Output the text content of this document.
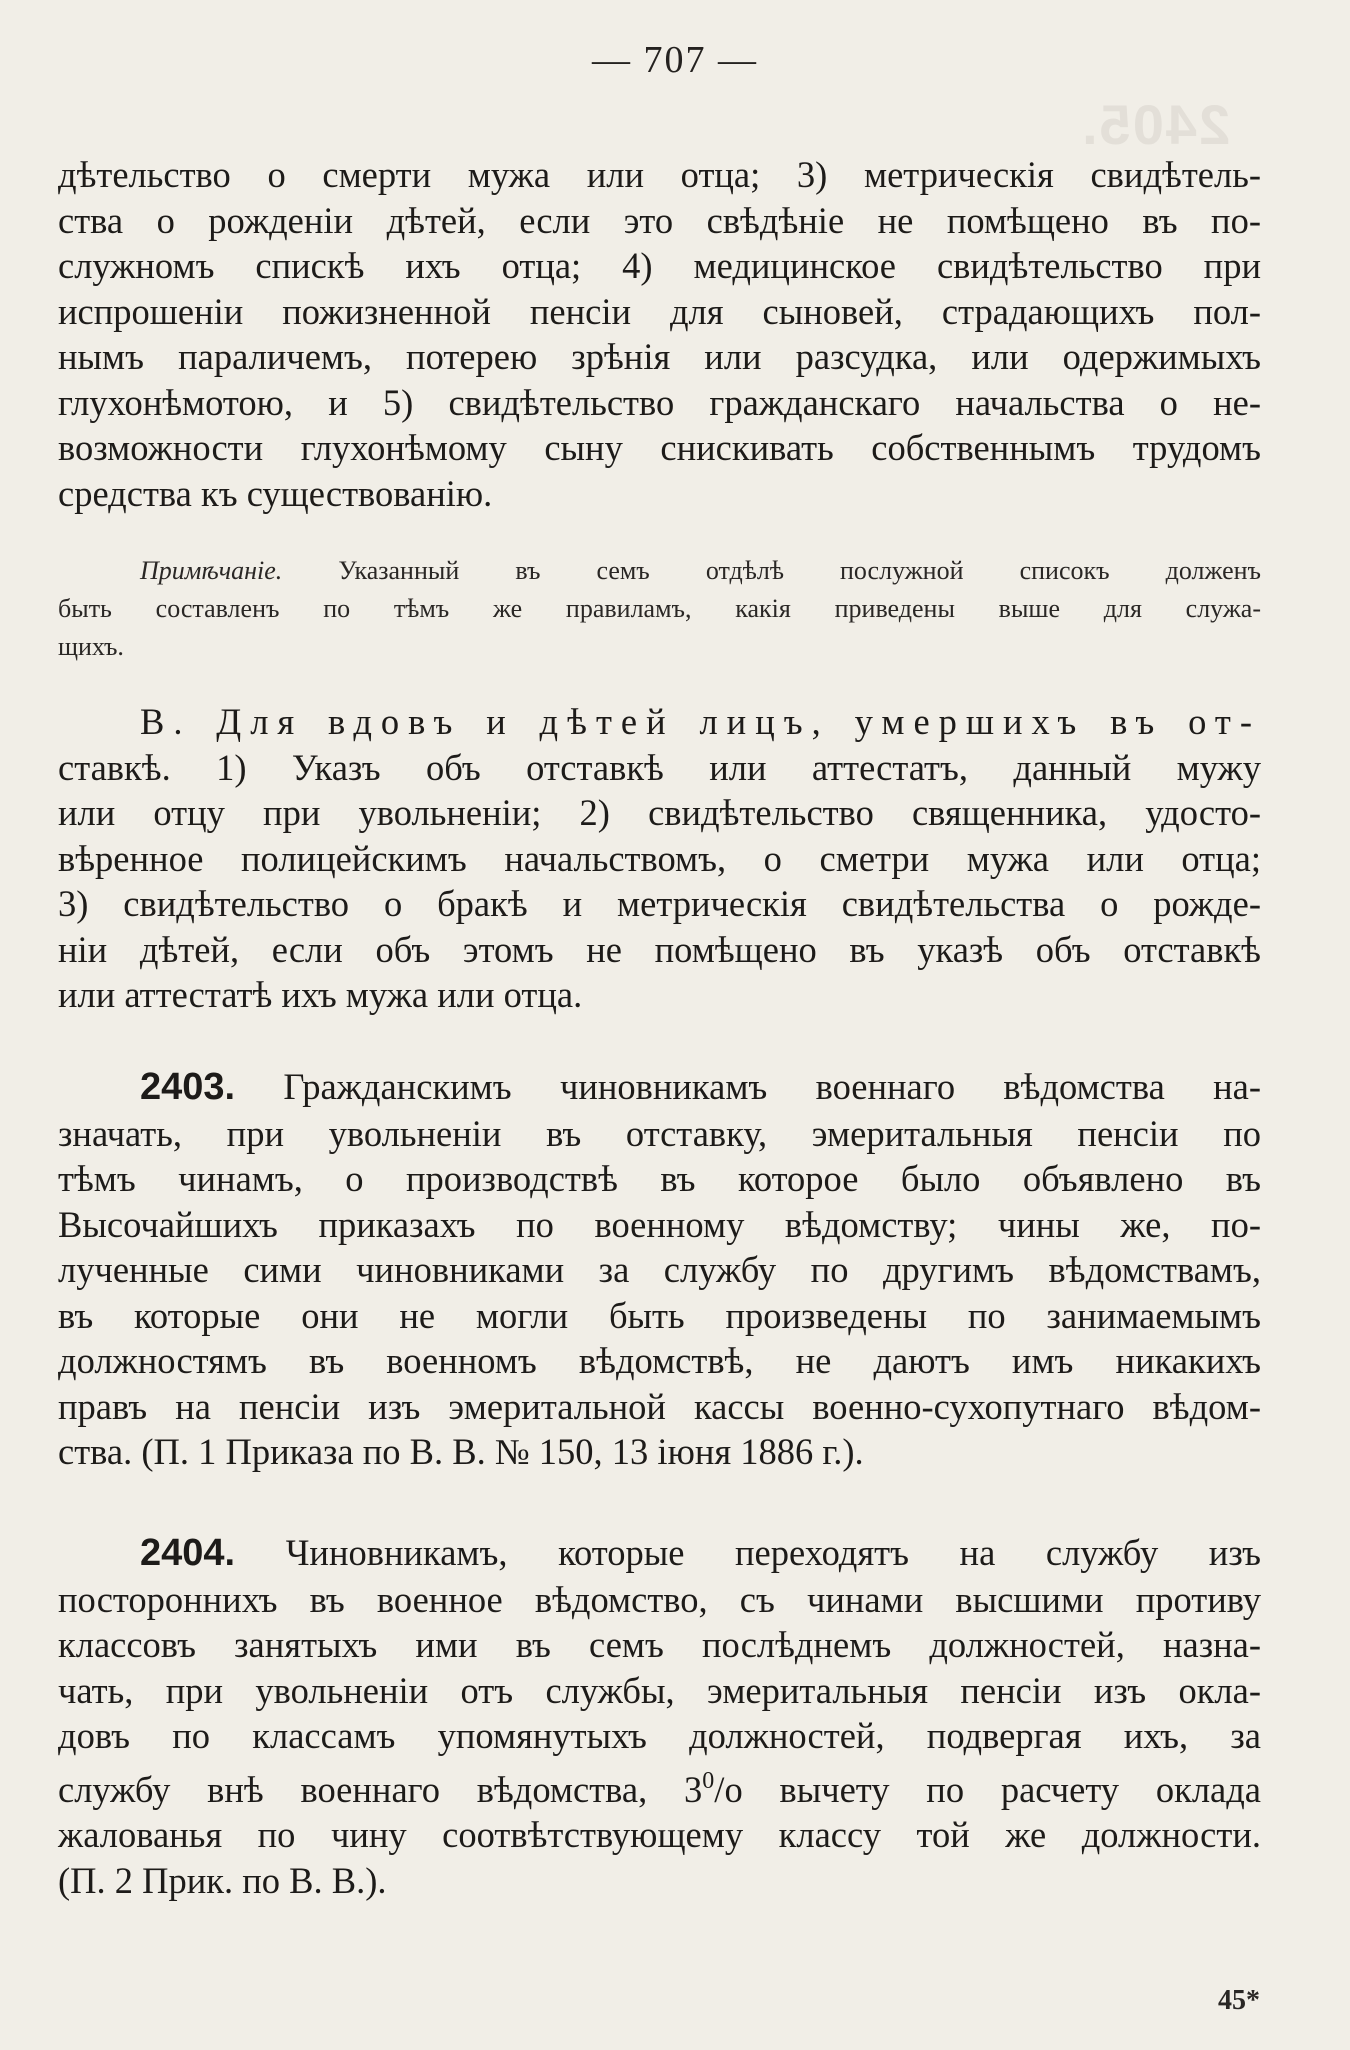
2405.
— 707 —
дѣтельство о смерти мужа или отца; 3) метрическія свидѣтель-
ства о рожденіи дѣтей, если это свѣдѣніе не помѣщено въ по-
служномъ спискѣ ихъ отца; 4) медицинское свидѣтельство при
испрошеніи пожизненной пенсіи для сыновей, страдающихъ пол-
нымъ параличемъ, потерею зрѣнія или разсудка, или одержимыхъ
глухонѣмотою, и 5) свидѣтельство гражданскаго начальства о не-
возможности глухонѣмому сыну снискивать собственнымъ трудомъ
средства къ существованію.
Примѣчаніе. Указанный въ семъ отдѣлѣ послужной списокъ долженъ
быть составленъ по тѣмъ же правиламъ, какія приведены выше для служа-
щихъ.
В. Для вдовъ и дѣтей лицъ, умершихъ въ от-
ставкѣ. 1) Указъ объ отставкѣ или аттестатъ, данный мужу
или отцу при увольненіи; 2) свидѣтельство священника, удосто-
вѣренное полицейскимъ начальствомъ, о сметри мужа или отца;
3) свидѣтельство о бракѣ и метрическія свидѣтельства о рожде-
ніи дѣтей, если объ этомъ не помѣщено въ указѣ объ отставкѣ
или аттестатѣ ихъ мужа или отца.
2403. Гражданскимъ чиновникамъ военнаго вѣдомства на-
значать, при увольненіи въ отставку, эмеритальныя пенсіи по
тѣмъ чинамъ, о производствѣ въ которое было объявлено въ
Высочайшихъ приказахъ по военному вѣдомству; чины же, по-
лученные сими чиновниками за службу по другимъ вѣдомствамъ,
въ которые они не могли быть произведены по занимаемымъ
должностямъ въ военномъ вѣдомствѣ, не даютъ имъ никакихъ
правъ на пенсіи изъ эмеритальной кассы военно-сухопутнаго вѣдом-
ства. (П. 1 Приказа по В. В. № 150, 13 іюня 1886 г.).
2404. Чиновникамъ, которые переходятъ на службу изъ
постороннихъ въ военное вѣдомство, съ чинами высшими противу
классовъ занятыхъ ими въ семъ послѣднемъ должностей, назна-
чать, при увольненіи отъ службы, эмеритальныя пенсіи изъ окла-
довъ по классамъ упомянутыхъ должностей, подвергая ихъ, за
службу внѣ военнаго вѣдомства, $3^0/о$ вычету по расчету оклада
жалованья по чину соотвѣтствующему классу той же должности.
(П. 2 Прик. по В. В.).
45*
